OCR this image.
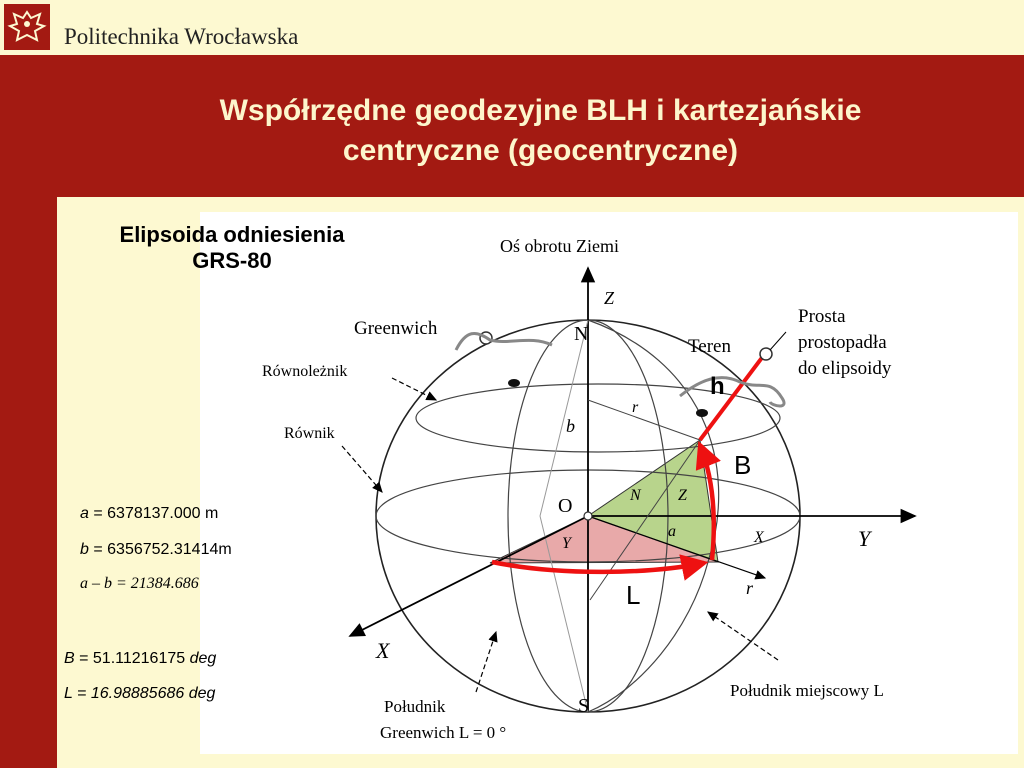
Politechnika Wrocławska
Współrzędne geodezyjne BLH i kartezjańskie
centryczne (geocentryczne)
Oś obrotu Ziemi
Z
N
S
O
Greenwich
Równoleżnik
Równik
Teren
Prosta
prostopadła
do elipsoidy
h
B
L
r
b
N Z
a
Y	X	Y
X
r
Południk
Greenwich L = 0 °
Południk miejscowy L
Elipsoida odniesienia
GRS-80
a = 6378137.000 m
b = 6356752.31414m
a – b = 21384.686
B = 51.11216175 deg
L = 16.98885686 deg
